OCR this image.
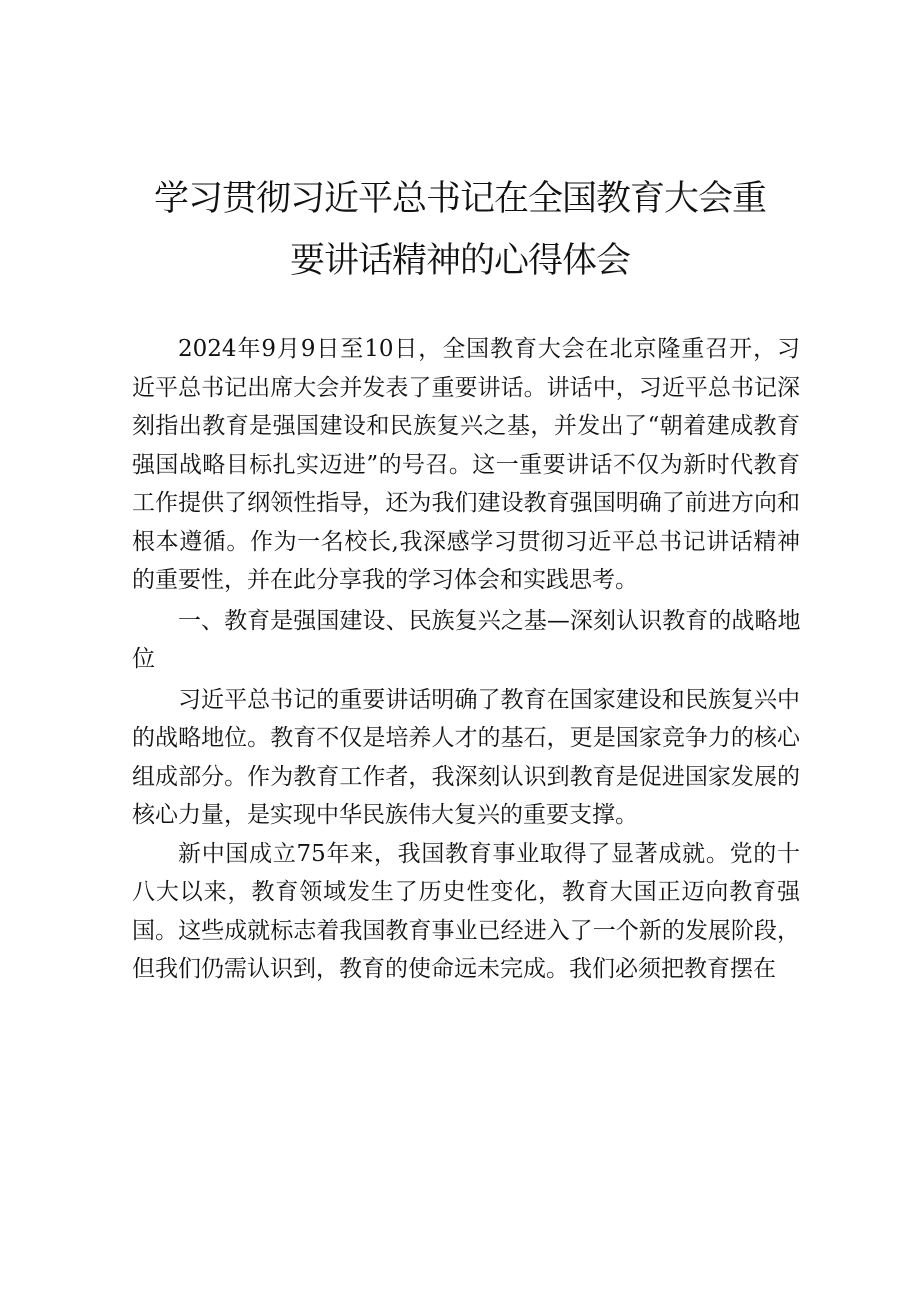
学习贯彻习近平总书记在全国教育大会重
要讲话精神的心得体会

2024年9月9日至10日，全国教育大会在北京隆重召开，习近平总书记出席大会并发表了重要讲话。讲话中，习近平总书记深刻指出教育是强国建设和民族复兴之基，并发出了“朝着建成教育强国战略目标扎实迈进”的号召。这一重要讲话不仅为新时代教育工作提供了纲领性指导，还为我们建设教育强国明确了前进方向和根本遵循。作为一名校长,我深感学习贯彻习近平总书记讲话精神的重要性，并在此分享我的学习体会和实践思考。

一、教育是强国建设、民族复兴之基—深刻认识教育的战略地位

习近平总书记的重要讲话明确了教育在国家建设和民族复兴中的战略地位。教育不仅是培养人才的基石，更是国家竞争力的核心组成部分。作为教育工作者，我深刻认识到教育是促进国家发展的核心力量，是实现中华民族伟大复兴的重要支撑。

新中国成立75年来，我国教育事业取得了显著成就。党的十八大以来，教育领域发生了历史性变化，教育大国正迈向教育强国。这些成就标志着我国教育事业已经进入了一个新的发展阶段，但我们仍需认识到，教育的使命远未完成。我们必须把教育摆在
